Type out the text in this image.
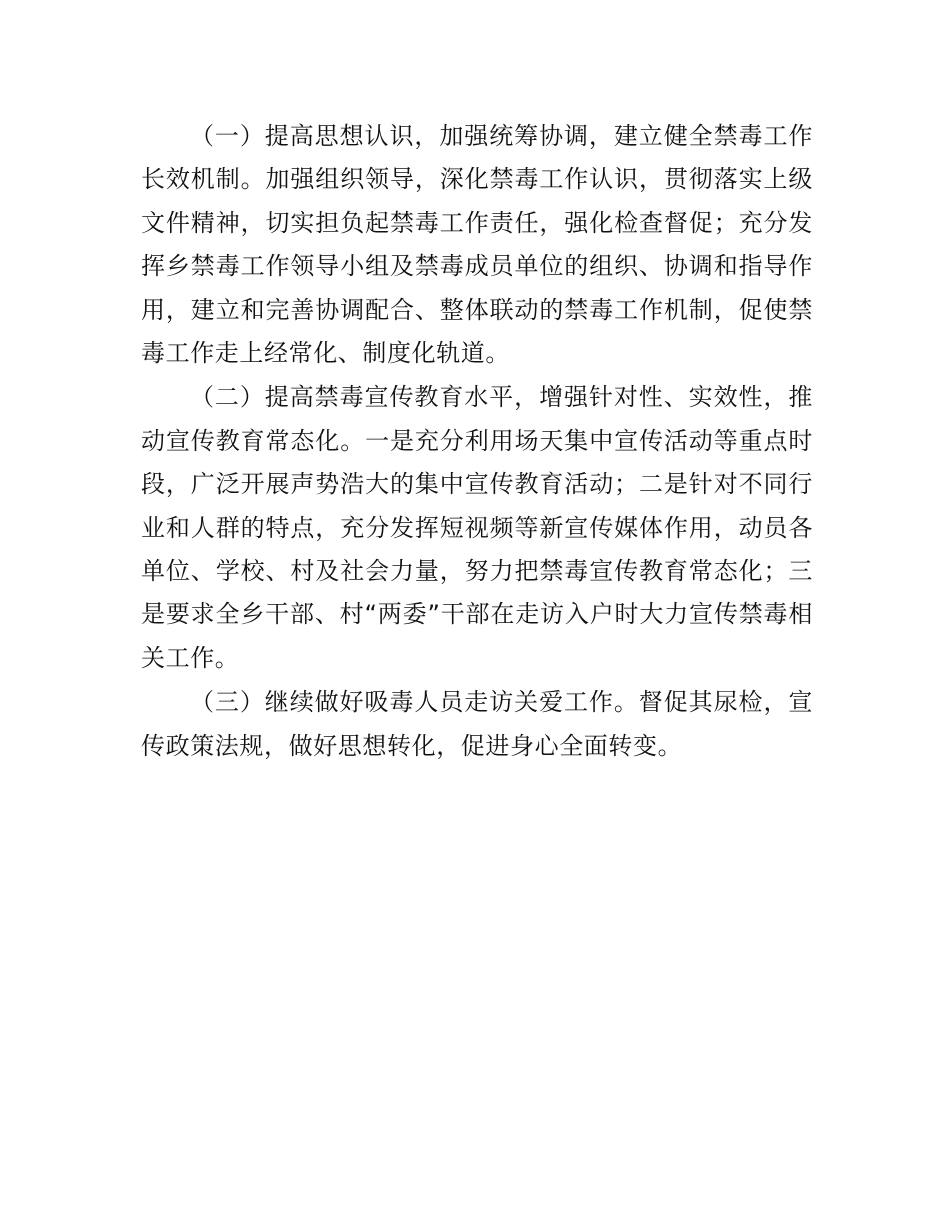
（一）提高思想认识，加强统筹协调，建立健全禁毒工作长效机制。加强组织领导，深化禁毒工作认识，贯彻落实上级文件精神，切实担负起禁毒工作责任，强化检查督促；充分发挥乡禁毒工作领导小组及禁毒成员单位的组织、协调和指导作用，建立和完善协调配合、整体联动的禁毒工作机制，促使禁毒工作走上经常化、制度化轨道。

（二）提高禁毒宣传教育水平，增强针对性、实效性，推动宣传教育常态化。一是充分利用场天集中宣传活动等重点时段，广泛开展声势浩大的集中宣传教育活动；二是针对不同行业和人群的特点，充分发挥短视频等新宣传媒体作用，动员各单位、学校、村及社会力量，努力把禁毒宣传教育常态化；三是要求全乡干部、村“两委”干部在走访入户时大力宣传禁毒相关工作。

（三）继续做好吸毒人员走访关爱工作。督促其尿检，宣传政策法规，做好思想转化，促进身心全面转变。
